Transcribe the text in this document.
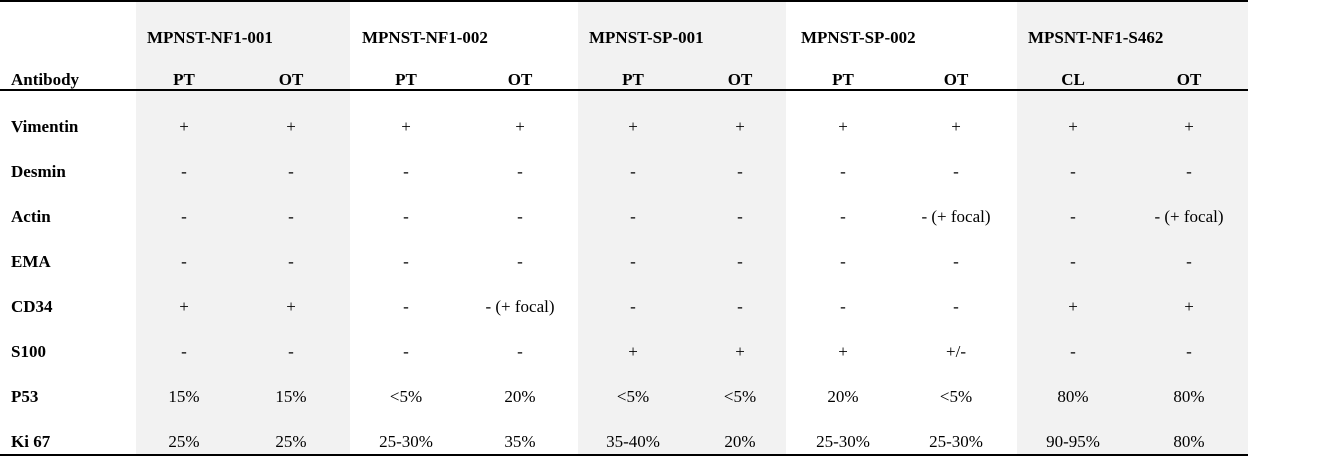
MPNST-NF1-001	MPNST-NF1-002	MPNST-SP-001	MPNST-SP-002	MPSNT-NF1-S462
Antibody	PT	OT	PT	OT	PT	OT	PT	OT	CL	OT
Vimentin	+	+	+	+	+	+	+	+	+	+
Desmin	-	-	-	-	-	-	-	-	-	-
Actin	-	-	-	-	-	-	-	- (+ focal)	-	- (+ focal)
EMA	-	-	-	-	-	-	-	-	-	-
CD34	+	+	-	- (+ focal)	-	-	-	-	+	+
S100	-	-	-	-	+	+	+	+/-	-	-
P53	15%	15%	<5%	20%	<5%	<5%	20%	<5%	80%	80%
Ki 67	25%	25%	25-30%	35%	35-40%	20%	25-30%	25-30%	90-95%	80%
